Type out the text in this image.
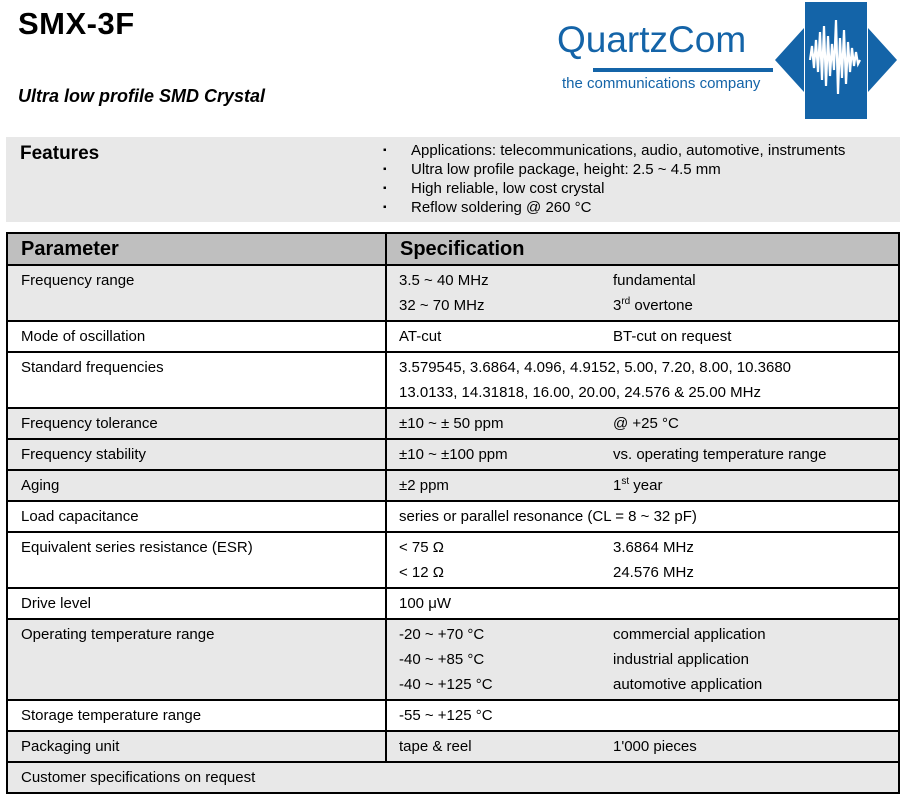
SMX-3F	QuartzCom
the communications company
Ultra low profile SMD Crystal
Features	▪ Applications: telecommunications, audio, automotive, instruments
▪ Ultra low profile package, height: 2.5 ~ 4.5 mm
▪ High reliable, low cost crystal
▪ Reflow soldering @ 260 °C
Parameter	Specification
Frequency range	3.5 ~ 40 MHz fundamental
32 ~ 70 MHz 3rd overtone

Mode of oscillation	AT-cut BT-cut on request

Standard frequencies	3.579545, 3.6864, 4.096, 4.9152, 5.00, 7.20, 8.00, 10.3680
13.0133, 14.31818, 16.00, 20.00, 24.576 & 25.00 MHz

Frequency tolerance	±10 ~ ± 50 ppm @ +25 °C

Frequency stability	±10 ~ ±100 ppm vs. operating temperature range

Aging	±2 ppm 1st year

Load capacitance	series or parallel resonance (CL = 8 ~ 32 pF)

Equivalent series resistance (ESR)	< 75 Ω 3.6864 MHz
< 12 Ω 24.576 MHz

Drive level	100 μW

Operating temperature range	-20 ~ +70 °C	commercial application
-40 ~ +85 °C	industrial application
-40 ~ +125 °C	automotive application

Storage temperature range	-55 ~ +125 °C

Packaging unit	tape & reel 1'000 pieces

Customer specifications on request	
